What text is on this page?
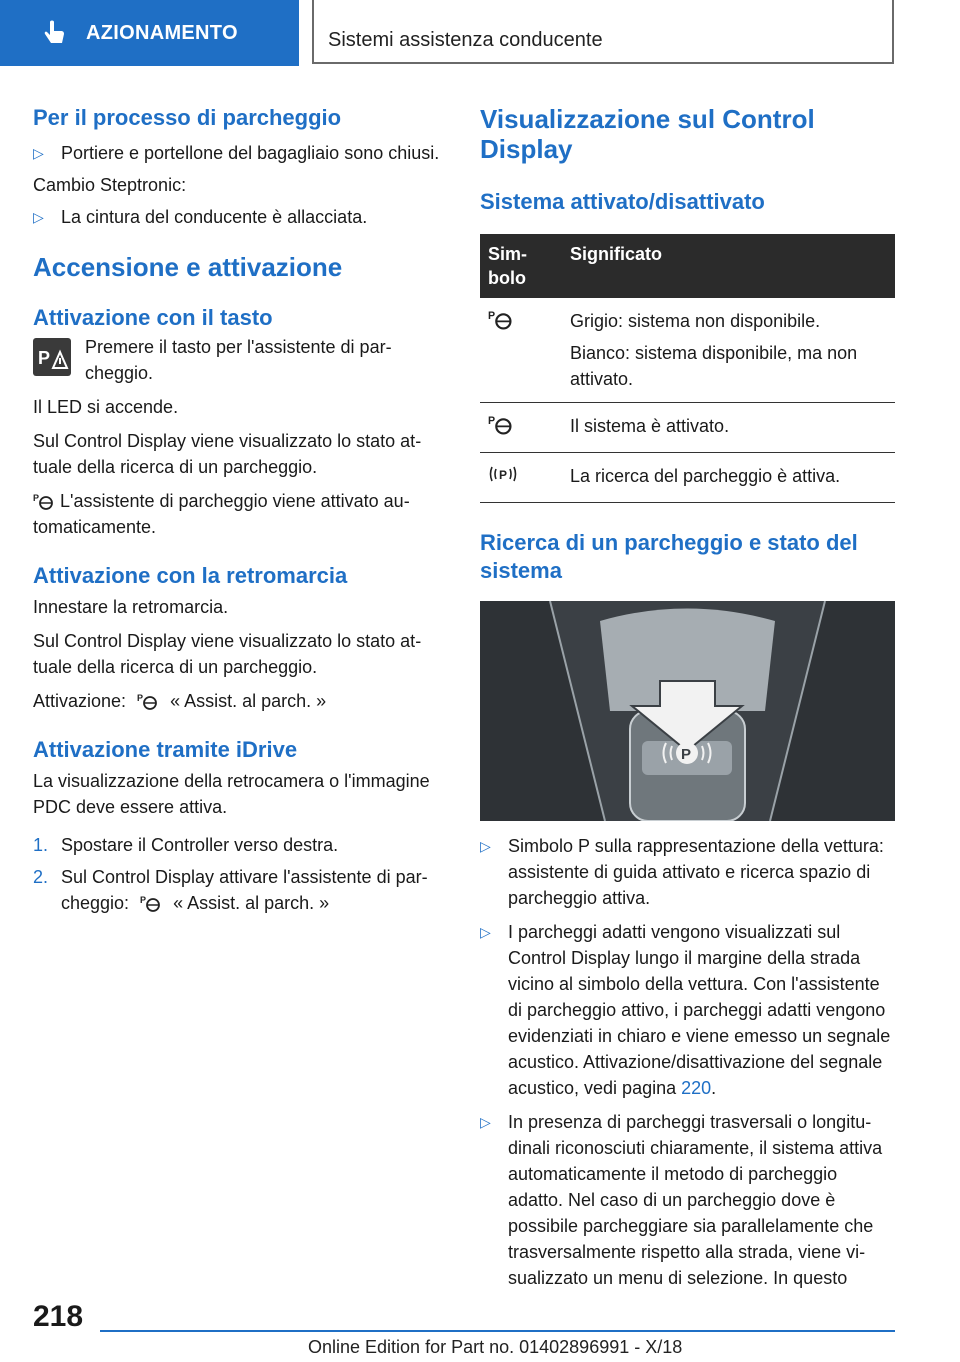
AZIONAMENTO	Sistemi assistenza conducente
Per il processo di parcheggio
▷ Portiere e portellone del bagagliaio sono chiusi.

Cambio Steptronic:

▷ La cintura del conducente è allacciata.
Accensione e attivazione
Attivazione con il tasto
P

Premere il tasto per l'assistente di parcheggio.

Il LED si accende.

Sul Control Display viene visualizzato lo stato attuale della ricerca di un parcheggio.

P L'assistente di parcheggio viene attivato automaticamente.

Attivazione con la retromarcia

Innestare la retromarcia.

Sul Control Display viene visualizzato lo stato attuale della ricerca di un parcheggio.

Attivazione: P « Assist. al parch. »

Attivazione tramite iDrive

La visualizzazione della retrocamera o l'immagine PDC deve essere attiva.

1. Spostare il Controller verso destra.
2. Sul Control Display attivare l'assistente di parcheggio: P « Assist. al parch. »
Visualizzazione sul Control Display
Sistema attivato/disattivato
Simbolo	Significato

P	Grigio: sistema non disponibile.
Bianco: sistema disponibile, ma non attivato.

P	Il sistema è attivato.

P	La ricerca del parcheggio è attiva.
Ricerca di un parcheggio e stato del sistema
P
▷ Simbolo P sulla rappresentazione della vettura: assistente di guida attivato e ricerca spazio di parcheggio attiva.
▷ I parcheggi adatti vengono visualizzati sul Control Display lungo il margine della strada vicino al simbolo della vettura. Con l'assistente di parcheggio attivo, i parcheggi adatti vengono evidenziati in chiaro e viene emesso un segnale acustico. Attivazione/disattivazione del segnale acustico, vedi pagina 220.
▷ In presenza di parcheggi trasversali o longitudinali riconosciuti chiaramente, il sistema attiva automaticamente il metodo di parcheggio adatto. Nel caso di un parcheggio dove è possibile parcheggiare sia parallelamente che trasversalmente rispetto alla strada, viene visualizzato un menu di selezione. In questo
218
Online Edition for Part no. 01402896991 - X/18
